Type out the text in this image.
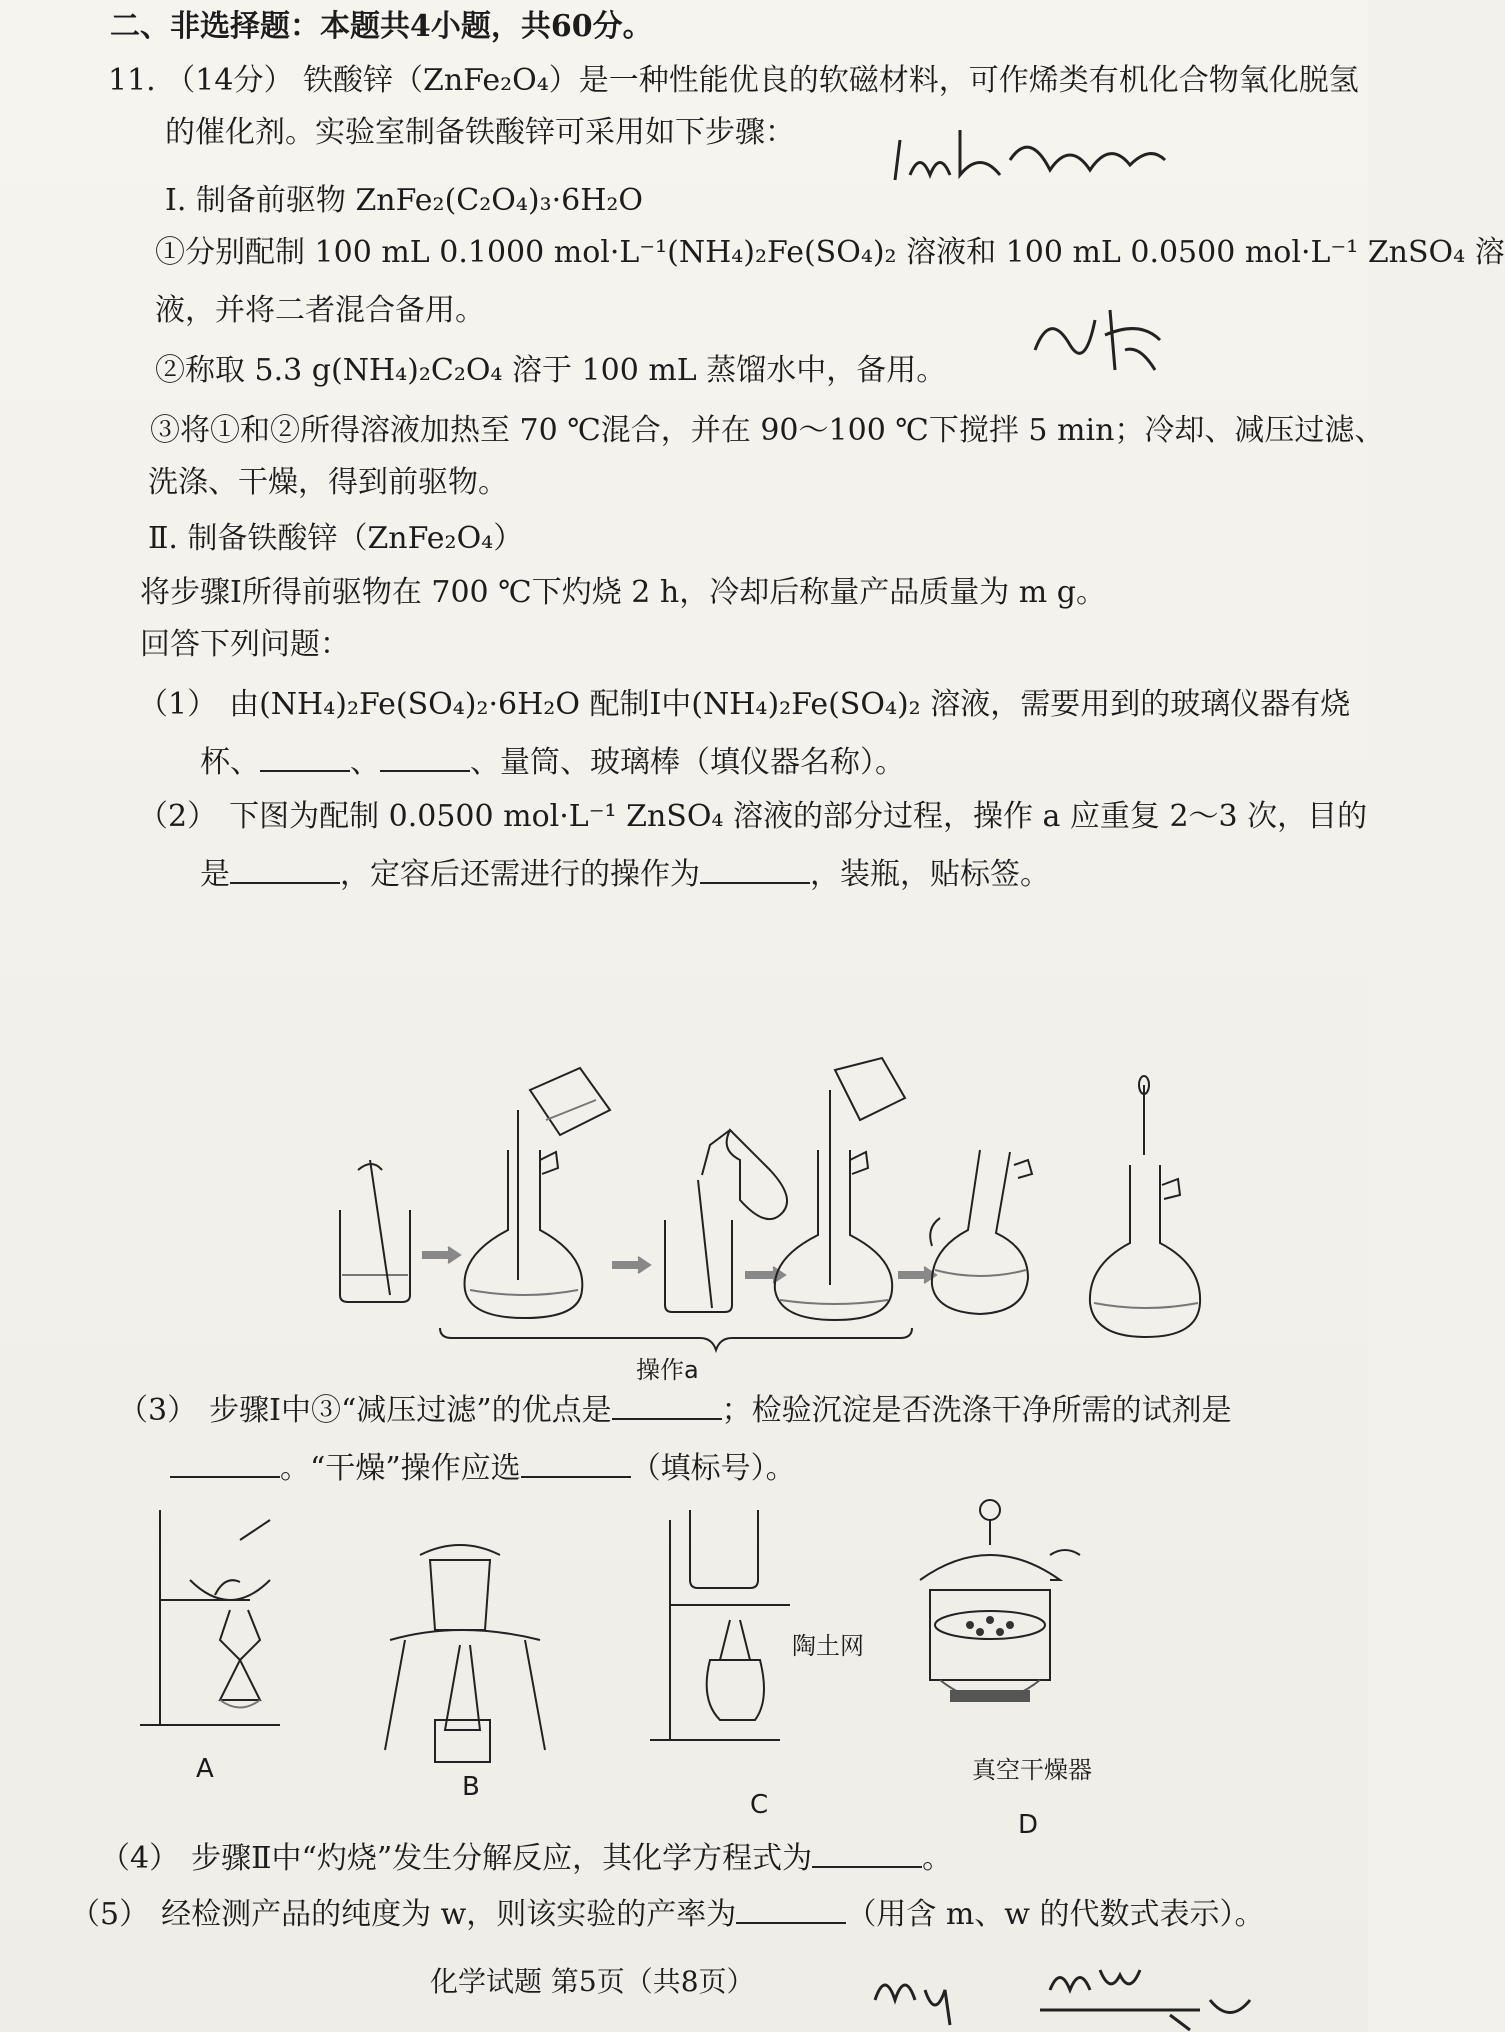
二、非选择题：本题共4小题，共60分。
11. （14分） 铁酸锌（ZnFe₂O₄）是一种性能优良的软磁材料，可作烯类有机化合物氧化脱氢
的催化剂。实验室制备铁酸锌可采用如下步骤：
Ⅰ. 制备前驱物 ZnFe₂(C₂O₄)₃·6H₂O
①分别配制 100 mL 0.1000 mol·L⁻¹(NH₄)₂Fe(SO₄)₂ 溶液和 100 mL 0.0500 mol·L⁻¹ ZnSO₄ 溶
液，并将二者混合备用。
②称取 5.3 g(NH₄)₂C₂O₄ 溶于 100 mL 蒸馏水中，备用。
③将①和②所得溶液加热至 70 ℃混合，并在 90～100 ℃下搅拌 5 min；冷却、减压过滤、
洗涤、干燥，得到前驱物。
Ⅱ. 制备铁酸锌（ZnFe₂O₄）
将步骤Ⅰ所得前驱物在 700 ℃下灼烧 2 h，冷却后称量产品质量为 m g。
回答下列问题：
（1） 由(NH₄)₂Fe(SO₄)₂·6H₂O 配制Ⅰ中(NH₄)₂Fe(SO₄)₂ 溶液，需要用到的玻璃仪器有烧
杯、	、	、量筒、玻璃棒（填仪器名称）。
（2） 下图为配制 0.0500 mol·L⁻¹ ZnSO₄ 溶液的部分过程，操作 a 应重复 2～3 次，目的
是	，定容后还需进行的操作为	，装瓶，贴标签。
操作a
（3） 步骤Ⅰ中③“减压过滤”的优点是	；检验沉淀是否洗涤干净所需的试剂是
。“干燥”操作应选	（填标号）。
陶土网
真空干燥器
A
B
C
D
（4） 步骤Ⅱ中“灼烧”发生分解反应，其化学方程式为	。
（5） 经检测产品的纯度为 w，则该实验的产率为	（用含 m、w 的代数式表示）。
化学试题 第5页（共8页）
